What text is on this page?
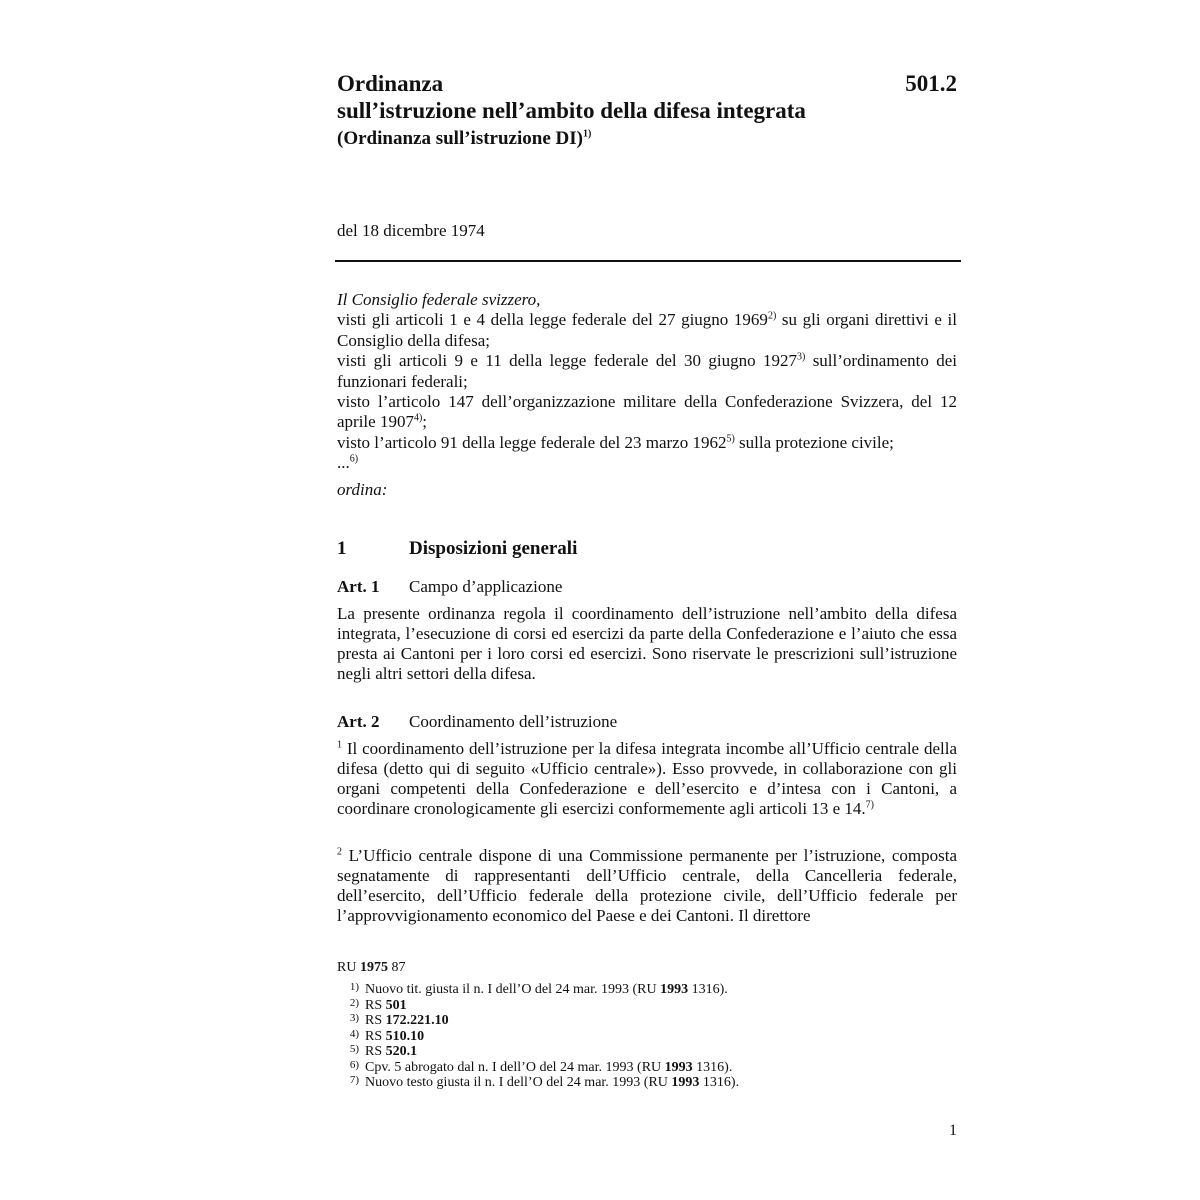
Ordinanza
sull’istruzione nell’ambito della difesa integrata
(Ordinanza sull’istruzione DI)$^{1)}$
501.2
del 18 dicembre 1974

Il Consiglio federale svizzero,

visti gli articoli 1 e 4 della legge federale del 27 giugno 1969$^{2)}$ su gli organi direttivi e il Consiglio della difesa;

visti gli articoli 9 e 11 della legge federale del 30 giugno 1927$^{3)}$ sull’ordinamento dei funzionari federali;

visto l’articolo 147 dell’organizzazione militare della Confederazione Svizzera, del 12 aprile 1907$^{4)}$;

visto l’articolo 91 della legge federale del 23 marzo 1962$^{5)}$ sulla protezione civile;

...$^{6)}$

ordina:

1	Disposizioni generali
Art. 1 Campo d’applicazione

La presente ordinanza regola il coordinamento dell’istruzione nell’ambito della difesa integrata, l’esecuzione di corsi ed esercizi da parte della Confederazione e l’aiuto che essa presta ai Cantoni per i loro corsi ed esercizi. Sono riservate le prescrizioni sull’istruzione negli altri settori della difesa.

Art. 2 Coordinamento dell’istruzione

$^1$ Il coordinamento dell’istruzione per la difesa integrata incombe all’Ufficio centrale della difesa (detto qui di seguito «Ufficio centrale»). Esso provvede, in collaborazione con gli organi competenti della Confederazione e dell’esercito e d’intesa con i Cantoni, a coordinare cronologicamente gli esercizi conformemente agli articoli 13 e 14.$^{7)}$

$^2$ L’Ufficio centrale dispone di una Commissione permanente per l’istruzione, composta segnatamente di rappresentanti dell’Ufficio centrale, della Cancelleria federale, dell’esercito, dell’Ufficio federale della protezione civile, dell’Ufficio federale per l’approvvigionamento economico del Paese e dei Cantoni. Il direttore

RU 1975 87
1) Nuovo tit. giusta il n. I dell’O del 24 mar. 1993 (RU 1993 1316).
2) RS 501
3) RS 172.221.10
4) RS 510.10
5) RS 520.1
6) Cpv. 5 abrogato dal n. I dell’O del 24 mar. 1993 (RU 1993 1316).
7) Nuovo testo giusta il n. I dell’O del 24 mar. 1993 (RU 1993 1316).
1
